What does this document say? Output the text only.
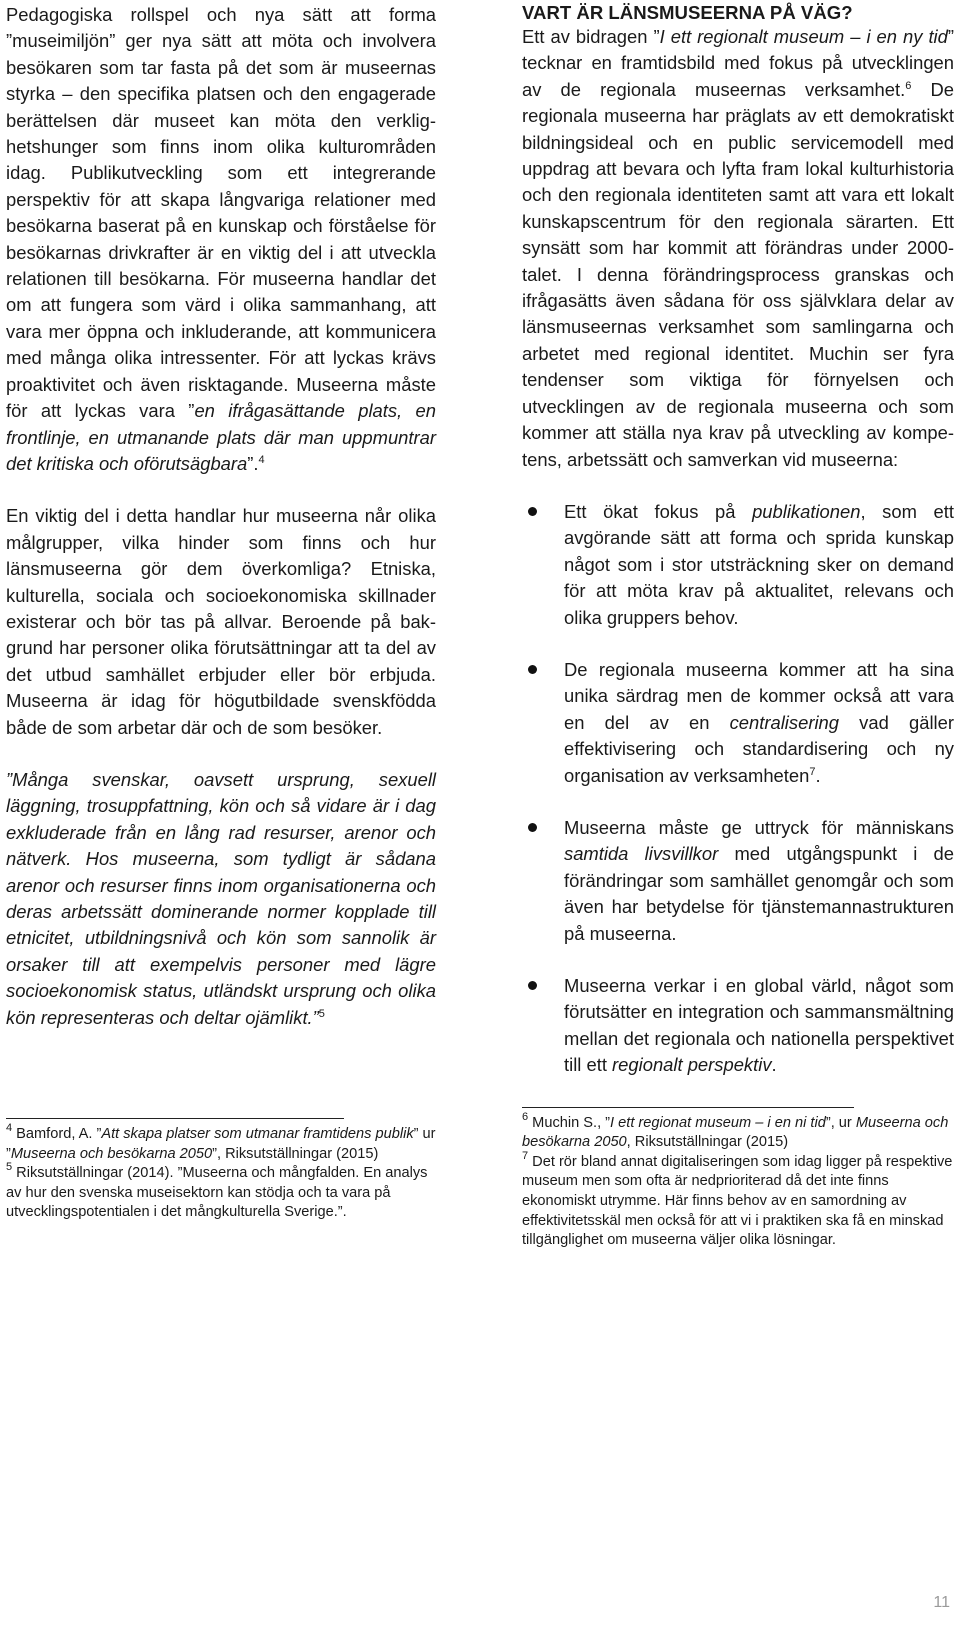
Pedagogiska rollspel och nya sätt att forma ”museimiljön” ger nya sätt att möta och involvera besökaren som tar fasta på det som är museernas styrka – den specifika platsen och den engagerade berättelsen där museet kan möta den verklighetshunger som finns inom olika kulturområden idag. Publikutveckling som ett integrerande perspektiv för att skapa långvariga relationer med besökarna baserat på en kunskap och förståelse för besökarnas drivkrafter är en viktig del i att utveckla relationen till besökarna. För museerna handlar det om att fungera som värd i olika sammanhang, att vara mer öppna och inkluderande, att kommunicera med många olika intressenter. För att lyckas krävs proaktivitet och även risktagande. Museerna måste för att lyckas vara ”en ifrågasättande plats, en frontlinje, en utmanande plats där man uppmuntrar det kritiska och oförutsägbara”.$^4$

En viktig del i detta handlar hur museerna når olika målgrupper, vilka hinder som finns och hur länsmuseerna gör dem överkomliga? Etniska, kulturella, sociala och socioekonomiska skillnader existerar och bör tas på allvar. Beroende på bakgrund har personer olika förutsättningar att ta del av det utbud samhället erbjuder eller bör erbjuda. Museerna är idag för högutbildade svenskfödda både de som arbetar där och de som besöker.

”Många svenskar, oavsett ursprung, sexuell läggning, trosuppfattning, kön och så vidare är i dag exkluderade från en lång rad resurser, arenor och nätverk. Hos museerna, som tydligt är sådana arenor och resurser finns inom organisationerna och deras arbetssätt dominerande normer kopplade till etnicitet, utbildningsnivå och kön som sannolik är orsaker till att exempelvis personer med lägre socioekonomisk status, utländskt ursprung och olika kön representeras och deltar ojämlikt.”$^5$

$^4$ Bamford, A. ”Att skapa platser som utmanar framtidens publik” ur ”Museerna och besökarna 2050”, Riksutställningar (2015)
$^5$ Riksutställningar (2014). ”Museerna och mångfalden. En analys av hur den svenska museisektorn kan stödja och ta vara på utvecklingspotentialen i det mångkulturella Sverige.”.
VART ÄR LÄNSMUSEERNA PÅ VÄG?

Ett av bidragen ”I ett regionalt museum – i en ny tid” tecknar en framtidsbild med fokus på utvecklingen av de regionala museernas verksamhet.$^6$ De regionala museerna har präglats av ett demokratiskt bildningsideal och en public servicemodell med uppdrag att bevara och lyfta fram lokal kulturhistoria och den regionala identiteten samt att vara ett lokalt kunskapscentrum för den regionala särarten. Ett synsätt som har kommit att förändras under 2000-talet. I denna förändringsprocess granskas och ifrågasätts även sådana för oss självklara delar av länsmuseernas verksamhet som samlingarna och arbetet med regional identitet. Muchin ser fyra tendenser som viktiga för förnyelsen och utvecklingen av de regionala museerna och som kommer att ställa nya krav på utveckling av kompetens, arbetssätt och samverkan vid museerna:

Ett ökat fokus på publikationen, som ett avgörande sätt att forma och sprida kunskap något som i stor utsträckning sker on demand för att möta krav på aktualitet, relevans och olika gruppers behov.
De regionala museerna kommer att ha sina unika särdrag men de kommer också att vara en del av en centralisering vad gäller effektivisering och standardisering och ny organisation av verksamheten$^7$.
Museerna måste ge uttryck för människans samtida livsvillkor med utgångspunkt i de förändringar som samhället genomgår och som även har betydelse för tjänstemannastrukturen på museerna.
Museerna verkar i en global värld, något som förutsätter en integration och sammansmältning mellan det regionala och nationella perspektivet till ett regionalt perspektiv.
$^6$ Muchin S., ”I ett regionat museum – i en ni tid”, ur Museerna och besökarna 2050, Riksutställningar (2015)
$^7$ Det rör bland annat digitaliseringen som idag ligger på respektive museum men som ofta är nedprioriterad då det inte finns ekonomiskt utrymme. Här finns behov av en samordning av effektivitetsskäl men också för att vi i praktiken ska få en minskad tillgänglighet om museerna väljer olika lösningar.
11
